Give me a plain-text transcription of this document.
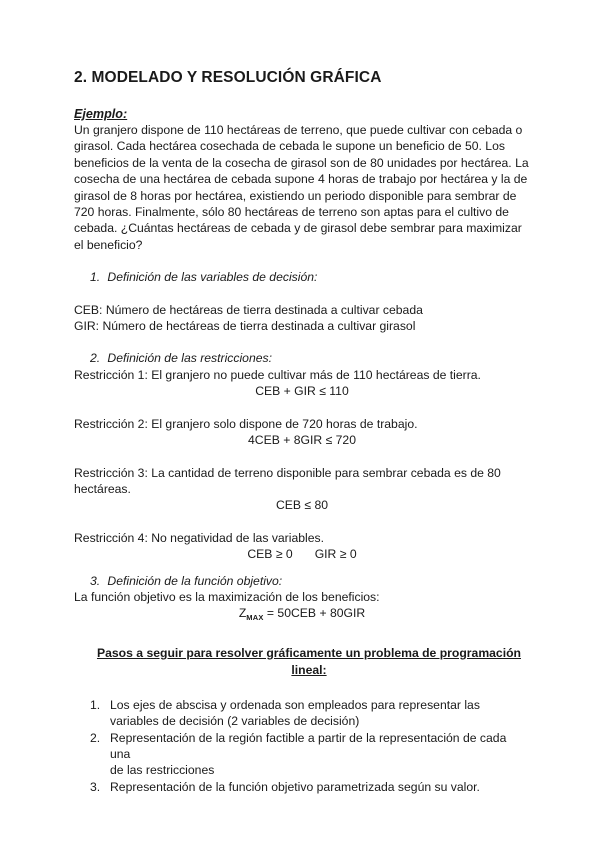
2. MODELADO Y RESOLUCIÓN GRÁFICA
Ejemplo:

Un granjero dispone de 110 hectáreas de terreno, que puede cultivar con cebada o

girasol. Cada hectárea cosechada de cebada le supone un beneficio de 50. Los

beneficios de la venta de la cosecha de girasol son de 80 unidades por hectárea. La

cosecha de una hectárea de cebada supone 4 horas de trabajo por hectárea y la de

girasol de 8 horas por hectárea, existiendo un periodo disponible para sembrar de

720 horas. Finalmente, sólo 80 hectáreas de terreno son aptas para el cultivo de

cebada. ¿Cuántas hectáreas de cebada y de girasol debe sembrar para maximizar

el beneficio?

1. Definición de las variables de decisión:

CEB: Número de hectáreas de tierra destinada a cultivar cebada

GIR: Número de hectáreas de tierra destinada a cultivar girasol

2. Definición de las restricciones:

Restricción 1: El granjero no puede cultivar más de 110 hectáreas de tierra.

CEB + GIR ≤ 110

Restricción 2: El granjero solo dispone de 720 horas de trabajo.

4CEB + 8GIR ≤ 720

Restricción 3: La cantidad de terreno disponible para sembrar cebada es de 80

hectáreas.

CEB ≤ 80

Restricción 4: No negatividad de las variables.

CEB ≥ 0 GIR ≥ 0
3. Definición de la función objetivo:

La función objetivo es la maximización de los beneficios:

$Z_{MAX} = 50CEB + 80GIR$
Pasos a seguir para resolver gráficamente un problema de programación
lineal:
1. Los ejes de abscisa y ordenada son empleados para representar las
variables de decisión (2 variables de decisión)
2. Representación de la región factible a partir de la representación de cada una
de las restricciones
3. Representación de la función objetivo parametrizada según su valor.
